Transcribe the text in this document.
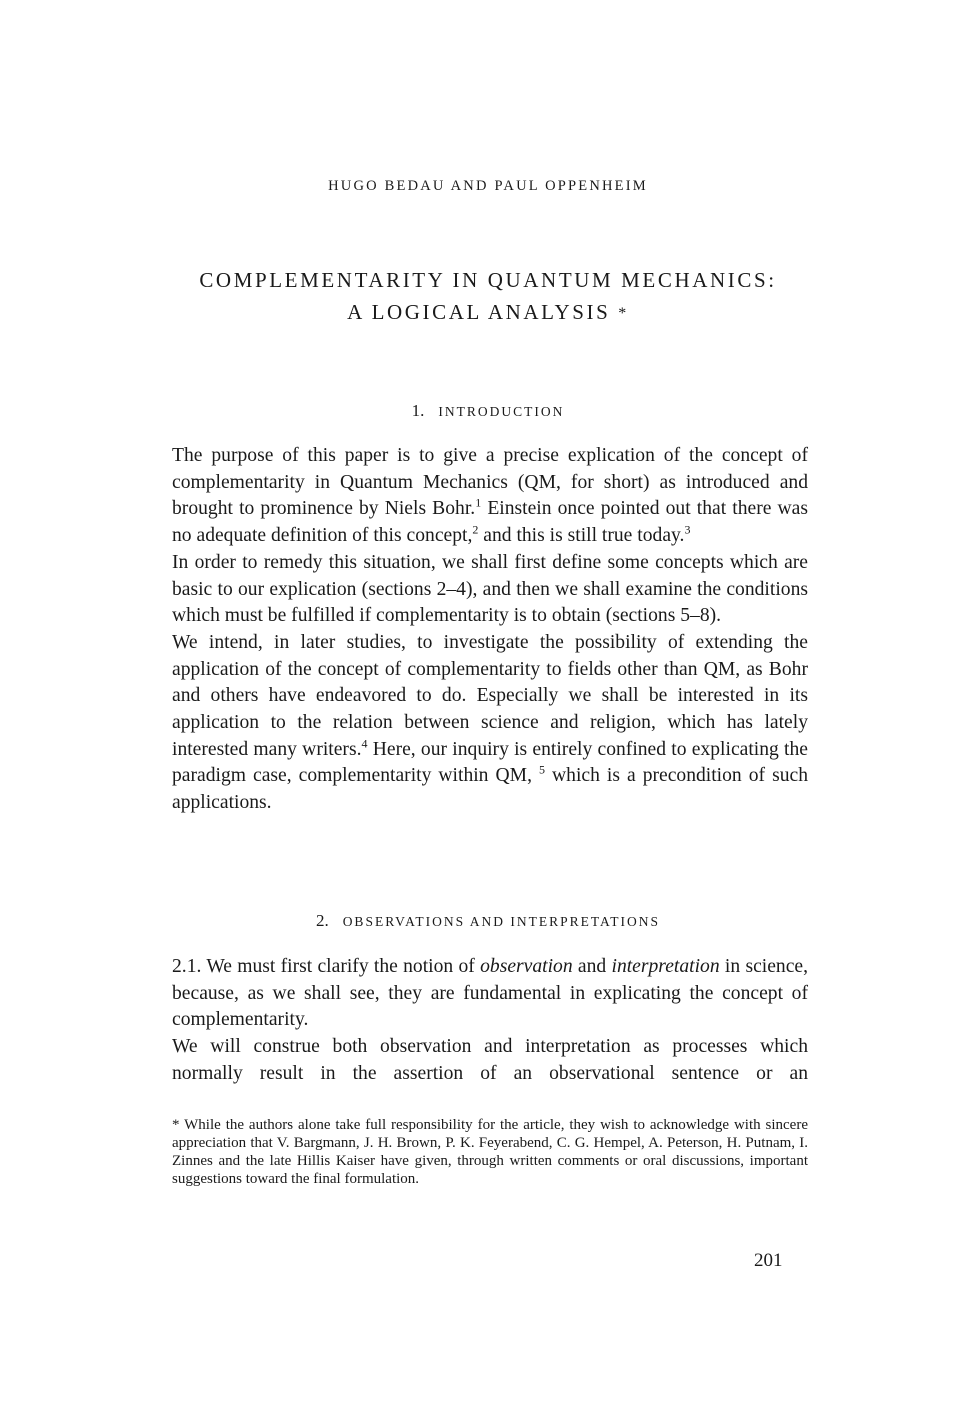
HUGO BEDAU AND PAUL OPPENHEIM
COMPLEMENTARITY IN QUANTUM MECHANICS:
A LOGICAL ANALYSIS *
1. INTRODUCTION

The purpose of this paper is to give a precise explication of the concept of complementarity in Quantum Mechanics (QM, for short) as introduced and brought to prominence by Niels Bohr.$^1$ Einstein once pointed out that there was no adequate definition of this concept,$^2$ and this is still true today.$^3$

In order to remedy this situation, we shall first define some concepts which are basic to our explication (sections 2–4), and then we shall examine the conditions which must be fulfilled if complementarity is to obtain (sections 5–8).

We intend, in later studies, to investigate the possibility of extending the application of the concept of complementarity to fields other than QM, as Bohr and others have endeavored to do. Especially we shall be interested in its application to the relation between science and religion, which has lately interested many writers.$^4$ Here, our inquiry is entirely confined to explicating the paradigm case, complementarity within QM, $^5$ which is a precondition of such applications.

2. OBSERVATIONS AND INTERPRETATIONS

2.1. We must first clarify the notion of observation and interpretation in science, because, as we shall see, they are fundamental in explicating the concept of complementarity.

We will construe both observation and interpretation as processes which normally result in the assertion of an observational sentence or an

* While the authors alone take full responsibility for the article, they wish to acknowledge with sincere appreciation that V. Bargmann, J. H. Brown, P. K. Feyerabend, C. G. Hempel, A. Peterson, H. Putnam, I. Zinnes and the late Hillis Kaiser have given, through written comments or oral discussions, important suggestions toward the final formulation.
201
